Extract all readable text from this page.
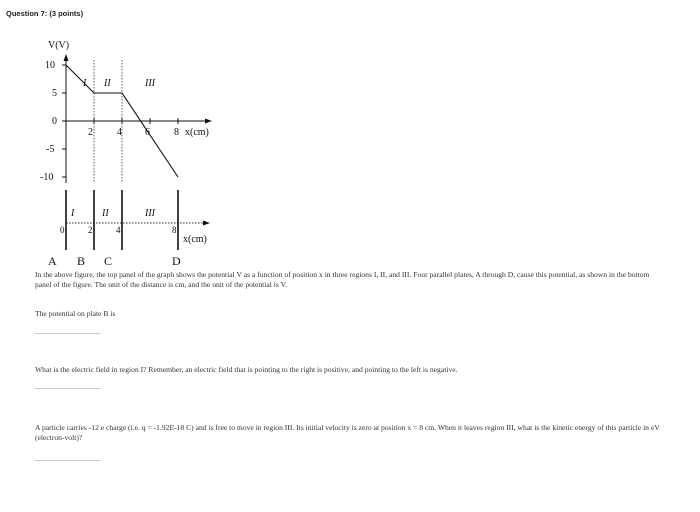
Question 7: (3 points)
V(V)
10
5
0
-5
-10
2 4 6 8 x(cm)
I II	III
I	II	III
0	2	4	8
x(cm)
A B C	D
In the above figure, the top panel of the graph shows the potential V as a function of position x in three regions I, II, and III. Four parallel plates, A through D, cause this potential, as shown in the bottom panel of the figure. The unit of the distance is cm, and the unit of the potential is V.
The potential on plate B is
What is the electric field in region I? Remember, an electric field that is pointing to the right is positive, and pointing to the left is negative.
A particle carries -12 e charge (i.e. q = -1.92E-18 C) and is free to move in region III. Its initial velocity is zero at position x = 8 cm. When it leaves region III, what is the kinetic energy of this particle in eV (electron-volt)?
